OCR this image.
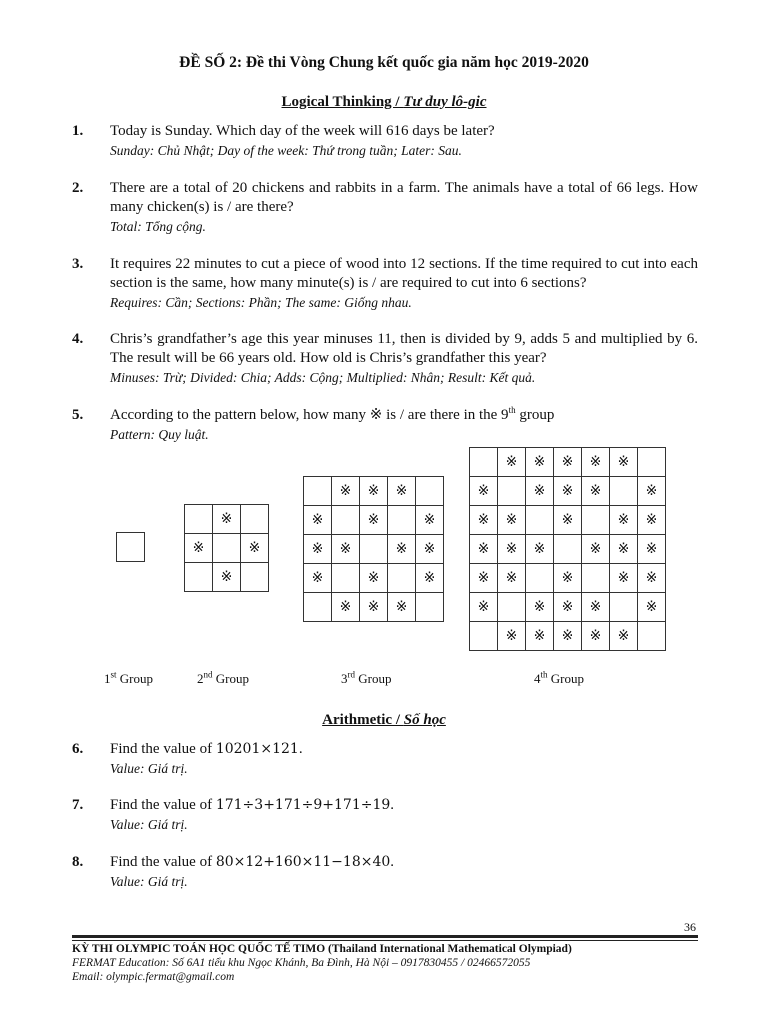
ĐỀ SỐ 2: Đề thi Vòng Chung kết quốc gia năm học 2019-2020
Logical Thinking / Tư duy lô-gic
1. Today is Sunday. Which day of the week will 616 days be later?
Sunday: Chủ Nhật; Day of the week: Thứ trong tuần; Later: Sau.
2. There are a total of 20 chickens and rabbits in a farm. The animals have a total of 66 legs. How many chicken(s) is / are there?
Total: Tổng cộng.
3. It requires 22 minutes to cut a piece of wood into 12 sections. If the time required to cut into each section is the same, how many minute(s) is / are required to cut into 6 sections?
Requires: Cần; Sections: Phần; The same: Giống nhau.
4. Chris’s grandfather’s age this year minuses 11, then is divided by 9, adds 5 and multiplied by 6. The result will be 66 years old. How old is Chris’s grandfather this year?
Minuses: Trừ; Divided: Chia; Adds: Cộng; Multiplied: Nhân; Result: Kết quả.
5. According to the pattern below, how many ※ is / are there in the 9th group
Pattern: Quy luật.
	※	
※		※
	※	
	※	※	※	
※		※		※
※	※		※	※
※		※		※
	※	※	※	
	※	※	※	※	※	
※		※	※	※		※
※	※		※		※	※
※	※	※		※	※	※
※	※		※		※	※
※		※	※	※		※
	※	※	※	※	※	
1st Group	2nd Group	3rd Group	4th Group
Arithmetic / Số học
6. Find the value of 10201×121.
Value: Giá trị.
7. Find the value of 171÷3+171÷9+171÷19.
Value: Giá trị.
8. Find the value of 80×12+160×11−18×40.
Value: Giá trị.
36
KỲ THI OLYMPIC TOÁN HỌC QUỐC TẾ TIMO (Thailand International Mathematical Olympiad)
FERMAT Education: Số 6A1 tiểu khu Ngọc Khánh, Ba Đình, Hà Nội – 0917830455 / 02466572055
Email: olympic.fermat@gmail.com
